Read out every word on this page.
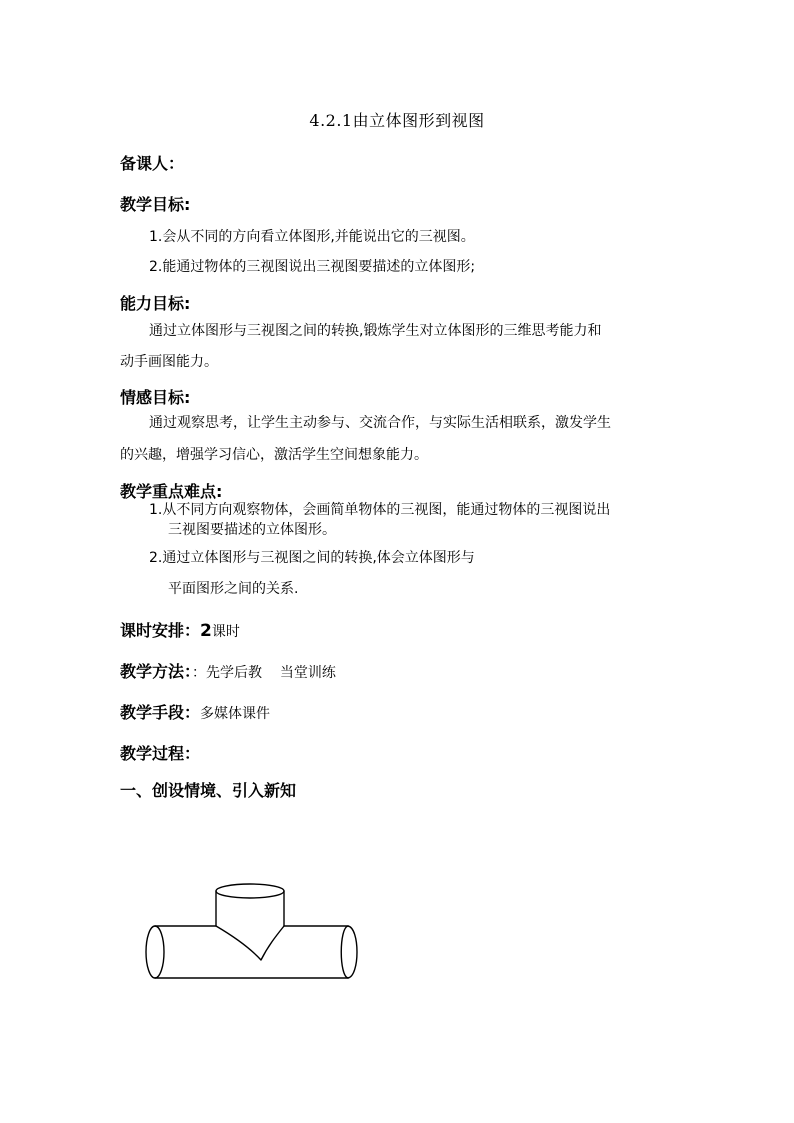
4.2.1由立体图形到视图
备课人：
教学目标:
1.会从不同的方向看立体图形,并能说出它的三视图。
2.能通过物体的三视图说出三视图要描述的立体图形;
能力目标:
通过立体图形与三视图之间的转换,锻炼学生对立体图形的三维思考能力和
动手画图能力。
情感目标:
通过观察思考，让学生主动参与、交流合作，与实际生活相联系，激发学生
的兴趣，增强学习信心，激活学生空间想象能力。
教学重点难点:
1.从不同方向观察物体，会画简单物体的三视图，能通过物体的三视图说出
三视图要描述的立体图形。
2.通过立体图形与三视图之间的转换,体会立体图形与
平面图形之间的关系.
课时安排：2课时
教学方法：：先学后教    当堂训练
教学手段：多媒体课件
教学过程：
一、创设情境、引入新知
